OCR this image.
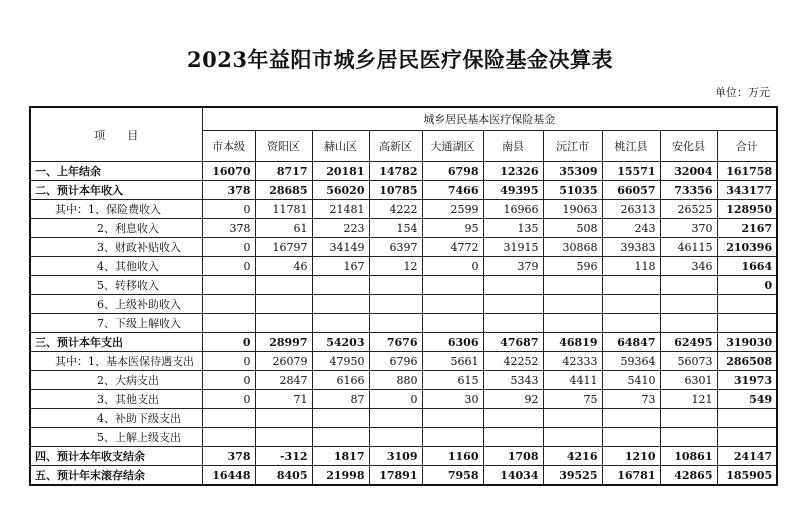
2023年益阳市城乡居民医疗保险基金决算表
单位：万元
项　　目	城乡居民基本医疗保险基金									
	市本级	资阳区	赫山区	高新区	大通湖区	南县	沅江市	桃江县	安化县	合计
一、上年结余	16070	8717	20181	14782	6798	12326	35309	15571	32004	161758
二、预计本年收入	378	28685	56020	10785	7466	49395	51035	66057	73356	343177
其中：1、保险费收入	0	11781	21481	4222	2599	16966	19063	26313	26525	128950
2、利息收入	378	61	223	154	95	135	508	243	370	2167
3、财政补贴收入	0	16797	34149	6397	4772	31915	30868	39383	46115	210396
4、其他收入	0	46	167	12	0	379	596	118	346	1664
5、转移收入										0
6、上级补助收入										
7、下级上解收入										
三、预计本年支出	0	28997	54203	7676	6306	47687	46819	64847	62495	319030
其中：1、基本医保待遇支出	0	26079	47950	6796	5661	42252	42333	59364	56073	286508
2、大病支出	0	2847	6166	880	615	5343	4411	5410	6301	31973
3、其他支出	0	71	87	0	30	92	75	73	121	549
4、补助下级支出										
5、上解上级支出										
四、预计本年收支结余	378	-312	1817	3109	1160	1708	4216	1210	10861	24147
五、预计年末滚存结余	16448	8405	21998	17891	7958	14034	39525	16781	42865	185905
